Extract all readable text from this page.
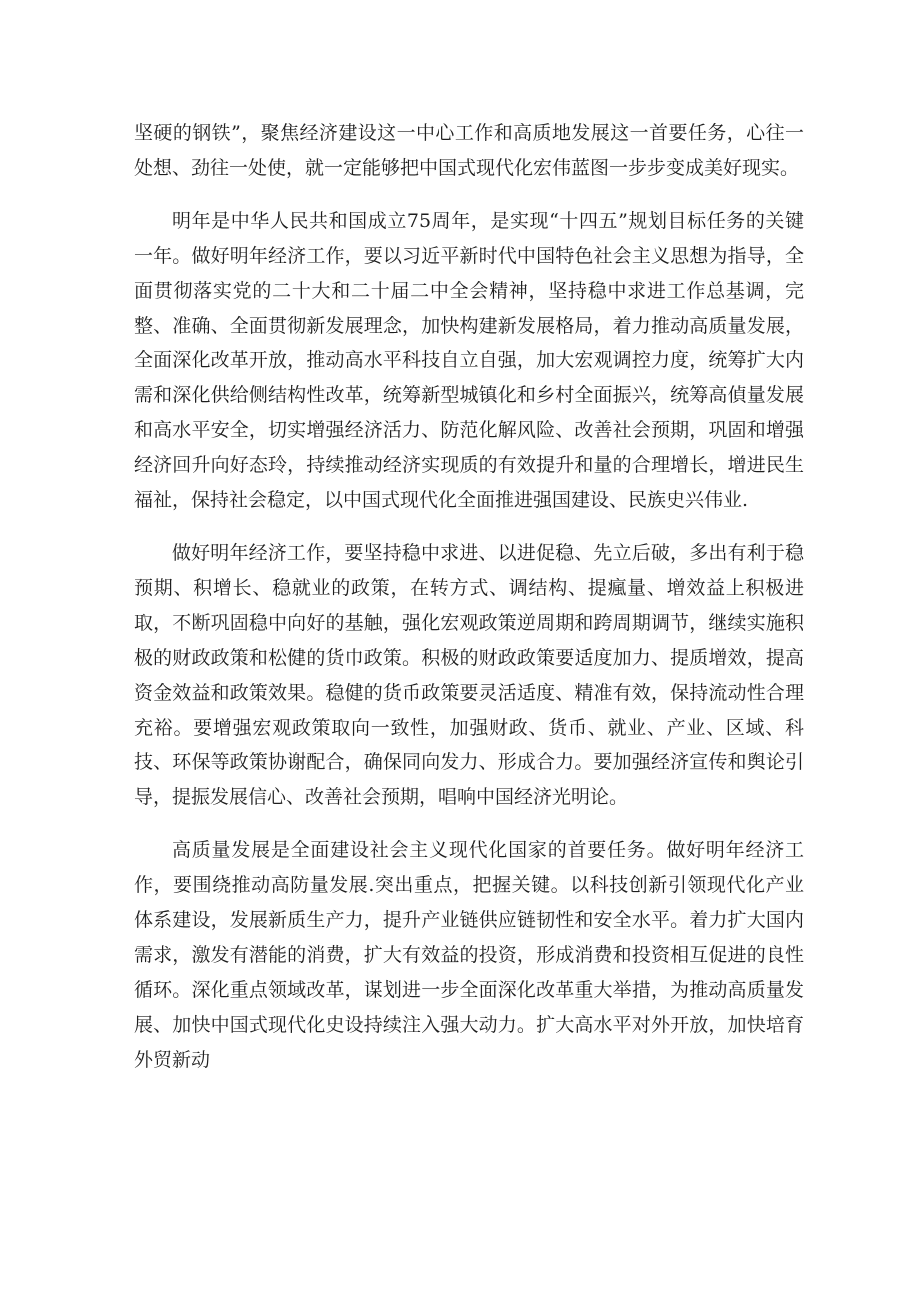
坚硬的钢铁”，聚焦经济建设这一中心工作和高质地发展这一首要任务，心往一处想、劲往一处使，就一定能够把中国式现代化宏伟蓝图一步步变成美好现实。

明年是中华人民共和国成立75周年，是实现“十四五”规划目标任务的关键一年。做好明年经济工作，要以习近平新时代中国特色社会主义思想为指导，全面贯彻落实党的二十大和二十届二中全会精神，坚持稳中求进工作总基调，完整、准确、全面贯彻新发展理念，加快构建新发展格局，着力推动高质量发展，全面深化改革开放，推动高水平科技自立自强，加大宏观调控力度，统筹扩大内需和深化供给侧结构性改革，统筹新型城镇化和乡村全面振兴，统筹高偵量发展和高水平安全，切实增强经济活力、防范化解风险、改善社会预期，巩固和增强经济回升向好态玲，持续推动经济实现质的有效提升和量的合理增长，增进民生福祉，保持社会稳定，以中国式现代化全面推进强国建设、民族史兴伟业.

做好明年经济工作，要坚持稳中求进、以进促稳、先立后破，多出有利于稳预期、积增长、稳就业的政策，在转方式、调结构、提瘋量、增效益上积极进取，不断巩固稳中向好的基触，强化宏观政策逆周期和跨周期调节，继续实施积极的财政政策和松健的货巾政策。积极的财政政策要适度加力、提质增效，提高资金效益和政策效果。稳健的货币政策要灵活适度、精准有效，保持流动性合理充裕。要增强宏观政策取向一致性，加强财政、货币、就业、产业、区域、科技、环保等政策协谢配合，确保同向发力、形成合力。要加强经济宣传和舆论引导，提振发展信心、改善社会预期，唱响中国经济光明论。

高质量发展是全面建设社会主义现代化国家的首要任务。做好明年经济工作，要围绕推动高防量发展.突出重点，把握关键。以科技创新引领现代化产业体系建设，发展新质生产力，提升产业链供应链韧性和安全水平。着力扩大国内需求，激发有潜能的消费，扩大有效益的投资，形成消费和投资相互促进的良性循环。深化重点领域改革，谋划进一步全面深化改革重大举措，为推动高质量发展、加快中国式现代化史设持续注入强大动力。扩大高水平对外开放，加快培育外贸新动
